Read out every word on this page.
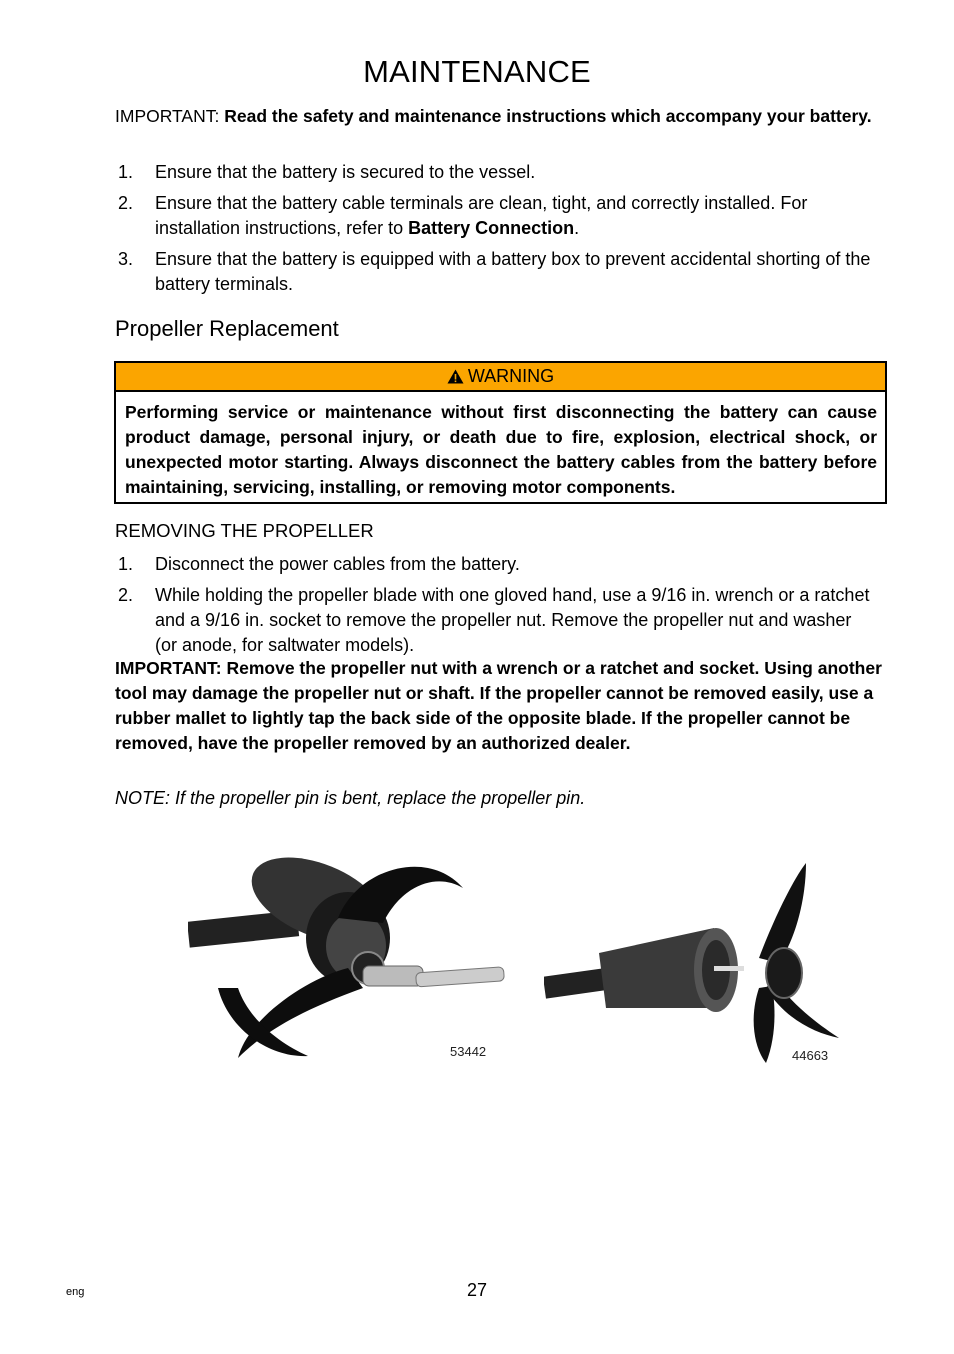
MAINTENANCE
IMPORTANT: Read the safety and maintenance instructions which accompany your battery.
1. Ensure that the battery is secured to the vessel.
2. Ensure that the battery cable terminals are clean, tight, and correctly installed. For installation instructions, refer to Battery Connection.
3. Ensure that the battery is equipped with a battery box to prevent accidental shorting of the battery terminals.
Propeller Replacement
WARNING
Performing service or maintenance without first disconnecting the battery can cause product damage, personal injury, or death due to fire, explosion, electrical shock, or unexpected motor starting. Always disconnect the battery cables from the battery before maintaining, servicing, installing, or removing motor components.
REMOVING THE PROPELLER
1. Disconnect the power cables from the battery.
2. While holding the propeller blade with one gloved hand, use a 9/16 in. wrench or a ratchet and a 9/16 in. socket to remove the propeller nut. Remove the propeller nut and washer (or anode, for saltwater models).
IMPORTANT: Remove the propeller nut with a wrench or a ratchet and socket. Using another tool may damage the propeller nut or shaft. If the propeller cannot be removed easily, use a rubber mallet to lightly tap the back side of the opposite blade. If the propeller cannot be removed, have the propeller removed by an authorized dealer.
NOTE: If the propeller pin is bent, replace the propeller pin.
53442	44663
eng	27
